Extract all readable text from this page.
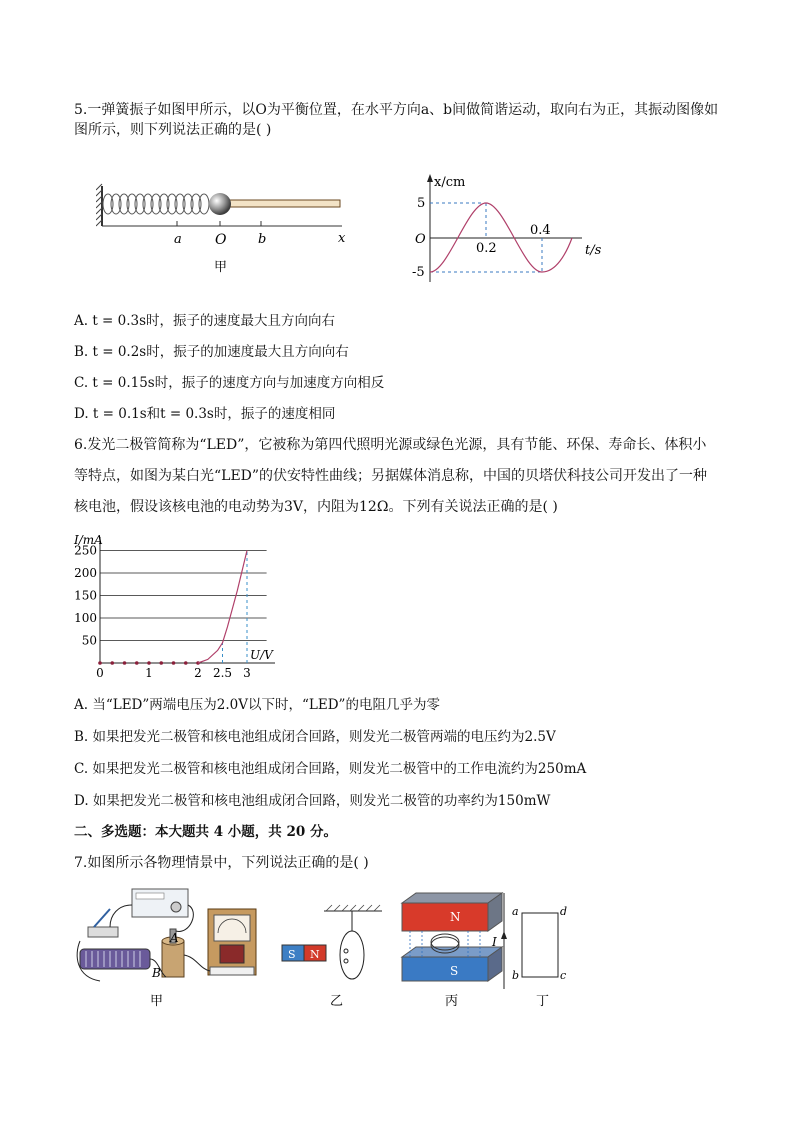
5.一弹簧振子如图甲所示，以O为平衡位置，在水平方向a、b间做简谐运动，取向右为正，其振动图像如图所示，则下列说法正确的是( )
a O b	x
甲
x/cm
t/s
O
5
-5
0.2
0.4
A. t = 0.3s时，振子的速度最大且方向向右
B. t = 0.2s时，振子的加速度最大且方向向右
C. t = 0.15s时，振子的速度方向与加速度方向相反
D. t = 0.1s和t = 0.3s时，振子的速度相同
6.发光二极管简称为“LED”，它被称为第四代照明光源或绿色光源，具有节能、环保、寿命长、体积小
等特点，如图为某白光“LED”的伏安特性曲线；另据媒体消息称，中国的贝塔伏科技公司开发出了一种
核电池，假设该核电池的电动势为3V，内阻为12Ω。下列有关说法正确的是( )
250
200
150
100
50
0	1	2 2.5 3
I/mA
U/V
A. 当“LED”两端电压为2.0V以下时，“LED”的电阻几乎为零
B. 如果把发光二极管和核电池组成闭合回路，则发光二极管两端的电压约为2.5V
C. 如果把发光二极管和核电池组成闭合回路，则发光二极管中的工作电流约为250mA
D. 如果把发光二极管和核电池组成闭合回路，则发光二极管的功率约为150mW
二、多选题：本大题共 4 小题，共 20 分。
7.如图所示各物理情景中，下列说法正确的是( )
A
B
甲
S N
乙
N
S
丙
I
a
b	c
d
丁
